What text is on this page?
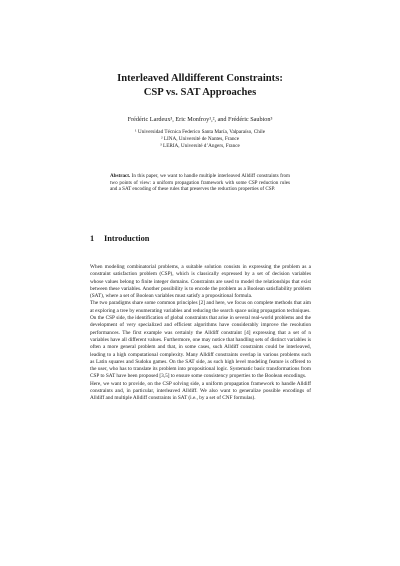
Interleaved Alldifferent Constraints:
CSP vs. SAT Approaches
Frédéric Lardeux³, Eric Monfroy¹,², and Frédéric Saubion³
¹ Universidad Técnica Federico Santa María, Valparaíso, Chile
² LINA, Université de Nantes, France
³ LERIA, Université d’Angers, France
Abstract. In this paper, we want to handle multiple interleaved Alldiff constraints from two points of view: a uniform propagation framework with some CSP reduction rules and a SAT encoding of these rules that preserves the reduction properties of CSP.
1 Introduction

When modeling combinatorial problems, a suitable solution consists in expressing the problem as a constraint satisfaction problem (CSP), which is classically expressed by a set of decision variables whose values belong to finite integer domains. Constraints are used to model the relationships that exist between these variables. Another possibility is to encode the problem as a Boolean satisfiability problem (SAT), where a set of Boolean variables must satisfy a propositional formula.

The two paradigms share some common principles [2] and here, we focus on complete methods that aim at exploring a tree by enumerating variables and reducing the search space using propagation techniques.

On the CSP side, the identification of global constraints that arise in several real-world problems and the development of very specialized and efficient algorithms have considerably improve the resolution performances. The first example was certainly the Alldiff constraint [4] expressing that a set of n variables have all different values. Furthermore, one may notice that handling sets of distinct variables is often a more general problem and that, in some cases, such Alldiff constraints could be interleaved, leading to a high computational complexity. Many Alldiff constraints overlap in various problems such as Latin squares and Sudoku games. On the SAT side, as such high level modeling feature is offered to the user, who has to translate its problem into propositional logic. Systematic basic transformations from CSP to SAT have been proposed [3,5] to ensure some consistency properties to the Boolean encodings.

Here, we want to provide, on the CSP solving side, a uniform propagation framework to handle Alldiff constraints and, in particular, interleaved Alldiff. We also want to generalize possible encodings of Alldiff and multiple Alldiff constraints in SAT (i.e., by a set of CNF formulas).
